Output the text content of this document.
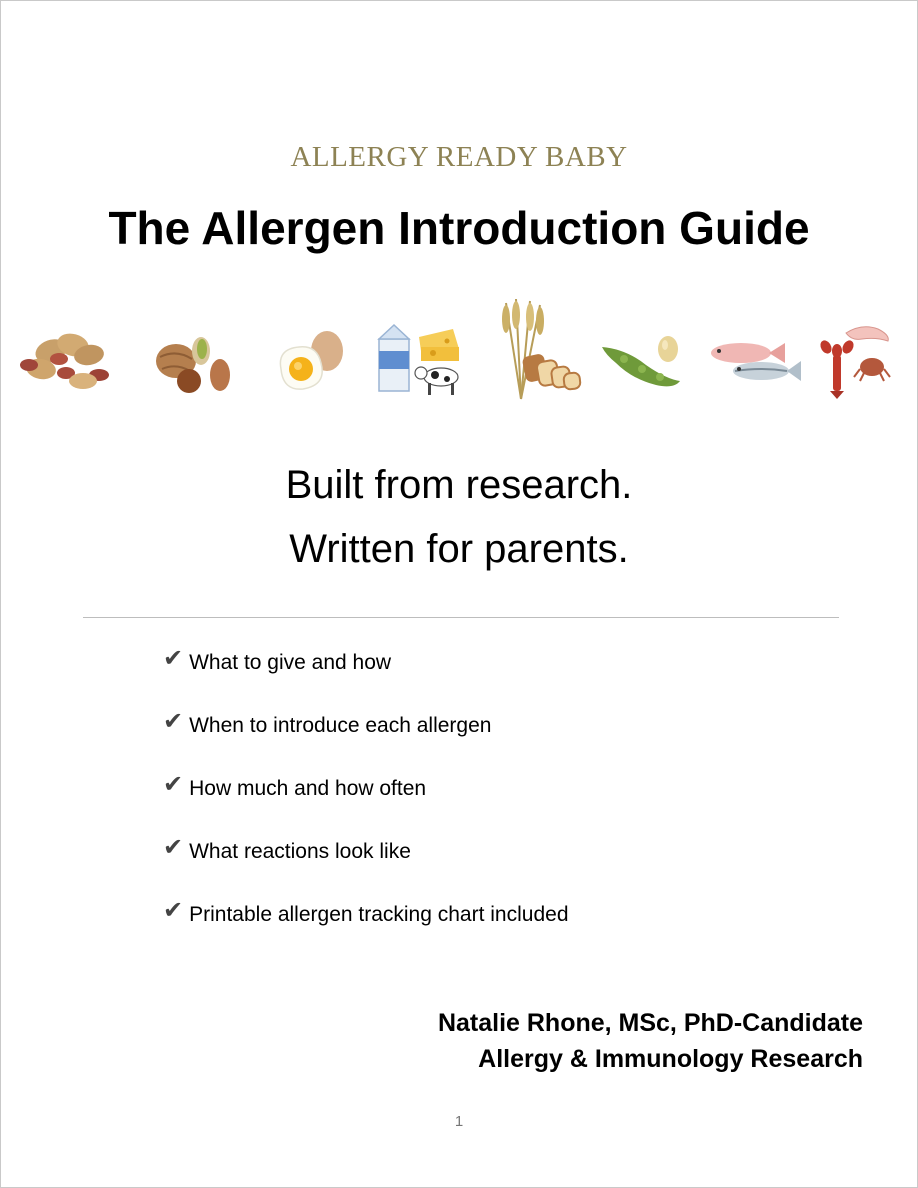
ALLERGY READY BABY
The Allergen Introduction Guide
Built from research.
Written for parents.
✔ What to give and how
✔ When to introduce each allergen
✔ How much and how often
✔ What reactions look like
✔ Printable allergen tracking chart included
Natalie Rhone, MSc, PhD-Candidate
Allergy & Immunology Research
1
